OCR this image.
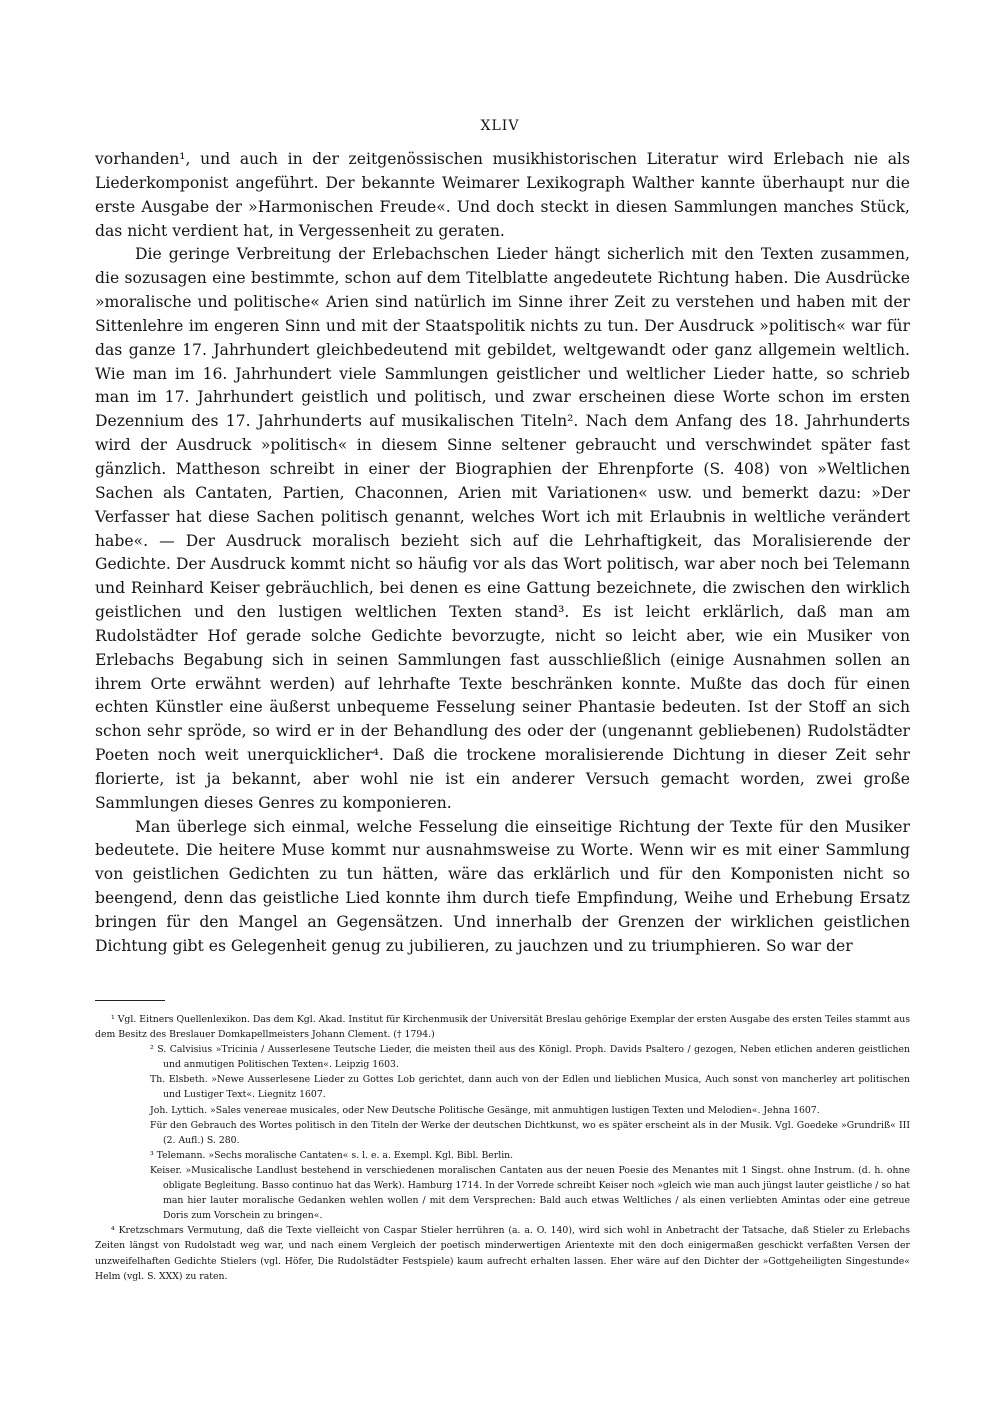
XLIV

vorhanden¹, und auch in der zeitgenössischen musikhistorischen Literatur wird Erlebach nie als Liederkomponist angeführt. Der bekannte Weimarer Lexikograph Walther kannte überhaupt nur die erste Ausgabe der »Harmonischen Freude«. Und doch steckt in diesen Sammlungen manches Stück, das nicht verdient hat, in Vergessenheit zu geraten.

Die geringe Verbreitung der Erlebachschen Lieder hängt sicherlich mit den Texten zusammen, die sozusagen eine bestimmte, schon auf dem Titelblatte angedeutete Richtung haben. Die Ausdrücke »moralische und politische« Arien sind natürlich im Sinne ihrer Zeit zu verstehen und haben mit der Sittenlehre im engeren Sinn und mit der Staatspolitik nichts zu tun. Der Ausdruck »politisch« war für das ganze 17. Jahrhundert gleichbedeutend mit gebildet, weltgewandt oder ganz allgemein weltlich. Wie man im 16. Jahrhundert viele Sammlungen geistlicher und weltlicher Lieder hatte, so schrieb man im 17. Jahrhundert geistlich und politisch, und zwar erscheinen diese Worte schon im ersten Dezennium des 17. Jahrhunderts auf musikalischen Titeln². Nach dem Anfang des 18. Jahrhunderts wird der Ausdruck »politisch« in diesem Sinne seltener gebraucht und verschwindet später fast gänzlich. Mattheson schreibt in einer der Biographien der Ehrenpforte (S. 408) von »Weltlichen Sachen als Cantaten, Partien, Chaconnen, Arien mit Variationen« usw. und bemerkt dazu: »Der Verfasser hat diese Sachen politisch genannt, welches Wort ich mit Erlaubnis in weltliche verändert habe«. — Der Ausdruck moralisch bezieht sich auf die Lehrhaftigkeit, das Moralisierende der Gedichte. Der Ausdruck kommt nicht so häufig vor als das Wort politisch, war aber noch bei Telemann und Reinhard Keiser gebräuchlich, bei denen es eine Gattung bezeichnete, die zwischen den wirklich geistlichen und den lustigen weltlichen Texten stand³. Es ist leicht erklärlich, daß man am Rudolstädter Hof gerade solche Gedichte bevorzugte, nicht so leicht aber, wie ein Musiker von Erlebachs Begabung sich in seinen Sammlungen fast ausschließlich (einige Ausnahmen sollen an ihrem Orte erwähnt werden) auf lehrhafte Texte beschränken konnte. Mußte das doch für einen echten Künstler eine äußerst unbequeme Fesselung seiner Phantasie bedeuten. Ist der Stoff an sich schon sehr spröde, so wird er in der Behandlung des oder der (ungenannt gebliebenen) Rudolstädter Poeten noch weit unerquicklicher⁴. Daß die trockene moralisierende Dichtung in dieser Zeit sehr florierte, ist ja bekannt, aber wohl nie ist ein anderer Versuch gemacht worden, zwei große Sammlungen dieses Genres zu komponieren.

Man überlege sich einmal, welche Fesselung die einseitige Richtung der Texte für den Musiker bedeutete. Die heitere Muse kommt nur ausnahmsweise zu Worte. Wenn wir es mit einer Sammlung von geistlichen Gedichten zu tun hätten, wäre das erklärlich und für den Komponisten nicht so beengend, denn das geistliche Lied konnte ihm durch tiefe Empfindung, Weihe und Erhebung Ersatz bringen für den Mangel an Gegensätzen. Und innerhalb der Grenzen der wirklichen geistlichen Dichtung gibt es Gelegenheit genug zu jubilieren, zu jauchzen und zu triumphieren. So war der

¹ Vgl. Eitners Quellenlexikon. Das dem Kgl. Akad. Institut für Kirchenmusik der Universität Breslau gehörige Exemplar der ersten Ausgabe des ersten Teiles stammt aus dem Besitz des Breslauer Domkapellmeisters Johann Clement. († 1794.)

² S. Calvisius »Tricinia / Ausserlesene Teutsche Lieder, die meisten theil aus des Königl. Proph. Davids Psaltero / gezogen, Neben etlichen anderen geistlichen und anmutigen Politischen Texten«. Leipzig 1603.

Th. Elsbeth. »Newe Ausserlesene Lieder zu Gottes Lob gerichtet, dann auch von der Edlen und lieblichen Musica, Auch sonst von mancherley art politischen und Lustiger Text«. Liegnitz 1607.

Joh. Lyttich. »Sales venereae musicales, oder New Deutsche Politische Gesänge, mit anmuhtigen lustigen Texten und Melodien«. Jehna 1607.

Für den Gebrauch des Wortes politisch in den Titeln der Werke der deutschen Dichtkunst, wo es später erscheint als in der Musik. Vgl. Goedeke »Grundriß« III (2. Aufl.) S. 280.

³ Telemann. »Sechs moralische Cantaten« s. l. e. a. Exempl. Kgl. Bibl. Berlin.

Keiser. »Musicalische Landlust bestehend in verschiedenen moralischen Cantaten aus der neuen Poesie des Menantes mit 1 Singst. ohne Instrum. (d. h. ohne obligate Begleitung. Basso continuo hat das Werk). Hamburg 1714. In der Vorrede schreibt Keiser noch »gleich wie man auch jüngst lauter geistliche / so hat man hier lauter moralische Gedanken wehlen wollen / mit dem Versprechen: Bald auch etwas Weltliches / als einen verliebten Amintas oder eine getreue Doris zum Vorschein zu bringen«.

⁴ Kretzschmars Vermutung, daß die Texte vielleicht von Caspar Stieler herrühren (a. a. O. 140), wird sich wohl in Anbetracht der Tatsache, daß Stieler zu Erlebachs Zeiten längst von Rudolstadt weg war, und nach einem Vergleich der poetisch minderwertigen Arientexte mit den doch einigermaßen geschickt verfaßten Versen der unzweifelhaften Gedichte Stielers (vgl. Höfer, Die Rudolstädter Festspiele) kaum aufrecht erhalten lassen. Eher wäre auf den Dichter der »Gottgeheiligten Singestunde« Helm (vgl. S. XXX) zu raten.
